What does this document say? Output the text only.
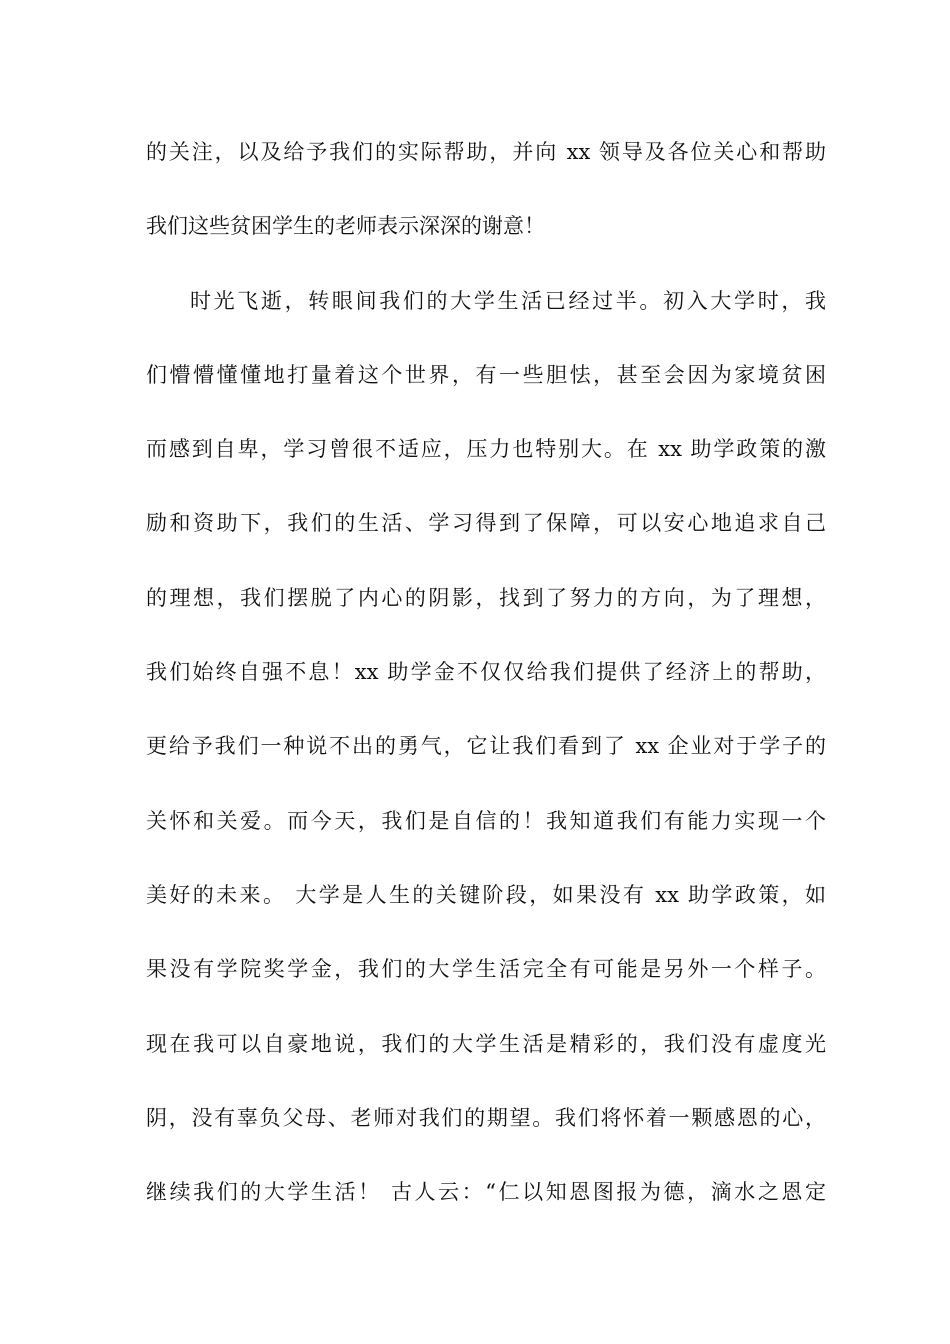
的关注，以及给予我们的实际帮助，并向 xx 领导及各位关心和帮助
我们这些贫困学生的老师表示深深的谢意！
时光飞逝，转眼间我们的大学生活已经过半。初入大学时，我
们懵懵懂懂地打量着这个世界，有一些胆怯，甚至会因为家境贫困
而感到自卑，学习曾很不适应，压力也特别大。在 xx 助学政策的激
励和资助下，我们的生活、学习得到了保障，可以安心地追求自己
的理想，我们摆脱了内心的阴影，找到了努力的方向，为了理想，
我们始终自强不息！xx 助学金不仅仅给我们提供了经济上的帮助，
更给予我们一种说不出的勇气，它让我们看到了 xx 企业对于学子的
关怀和关爱。而今天，我们是自信的！我知道我们有能力实现一个
美好的未来。 大学是人生的关键阶段，如果没有 xx 助学政策，如
果没有学院奖学金，我们的大学生活完全有可能是另外一个样子。
现在我可以自豪地说，我们的大学生活是精彩的，我们没有虚度光
阴，没有辜负父母、老师对我们的期望。我们将怀着一颗感恩的心，
继续我们的大学生活！ 古人云：“仁以知恩图报为德，滴水之恩定
